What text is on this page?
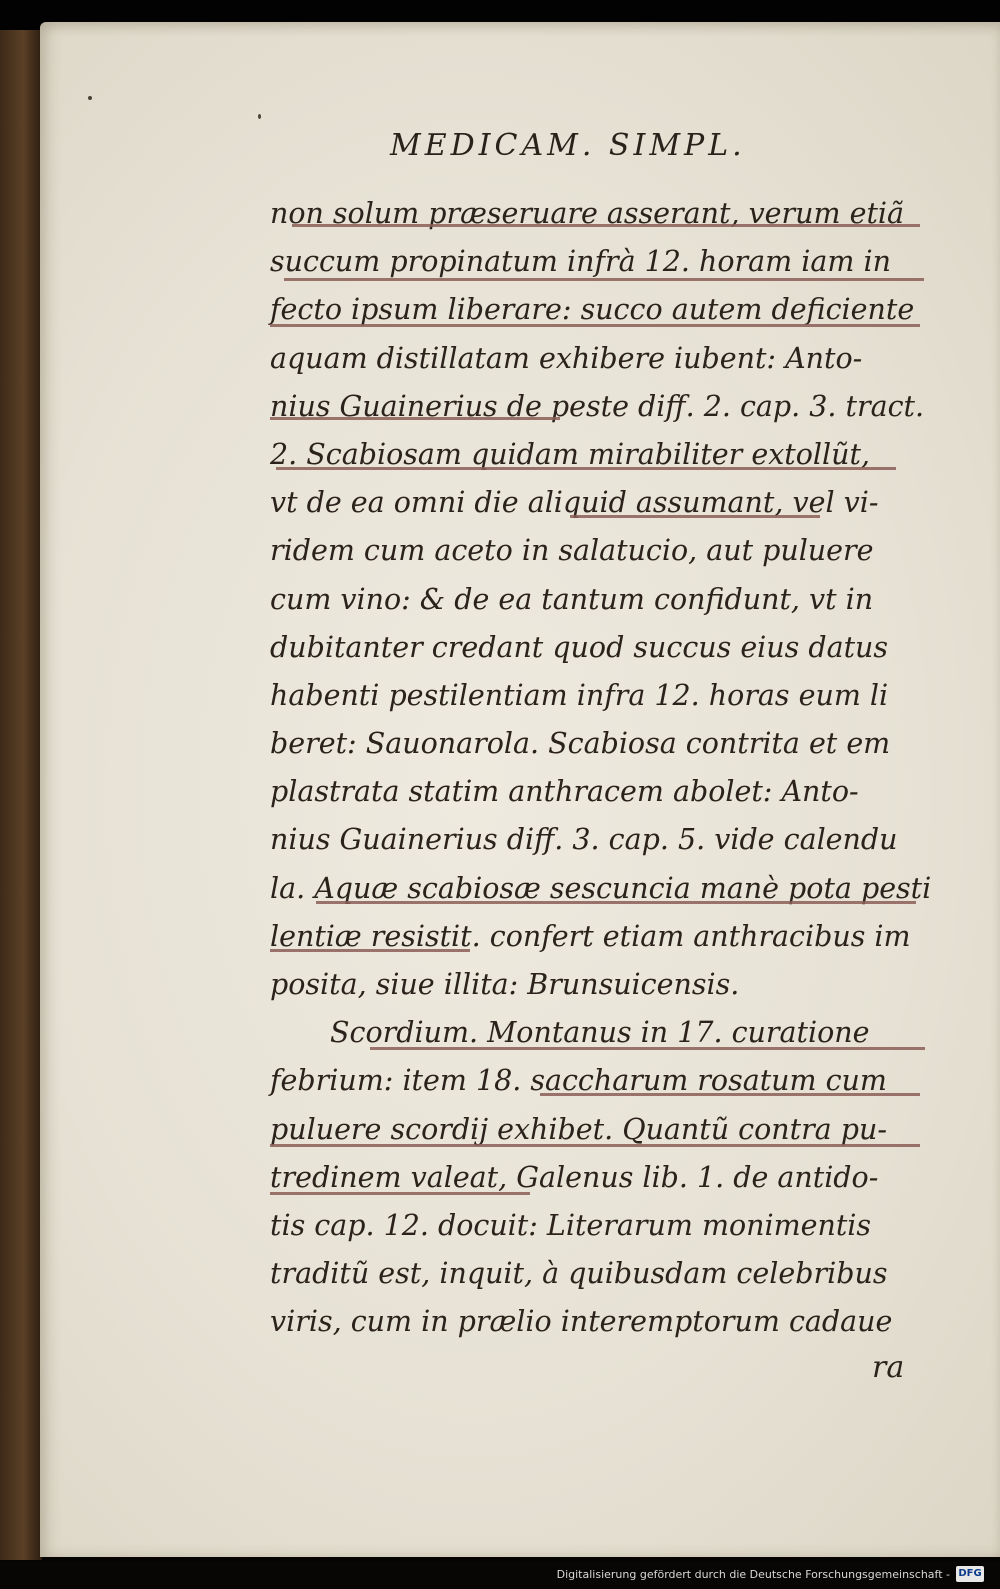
MEDICAM. SIMPL.
non solum præseruare asserant, verum etiã
succum propinatum infrà 12. horam iam in
fecto ipsum liberare: succo autem deficiente
aquam distillatam exhibere iubent: Anto-
nius Guainerius de peste diff. 2. cap. 3. tract.
2. Scabiosam quidam mirabiliter extollũt,
vt de ea omni die aliquid assumant, vel vi-
ridem cum aceto in salatucio, aut puluere
cum vino: & de ea tantum confidunt, vt in
dubitanter credant quod succus eius datus
habenti pestilentiam infra 12. horas eum li
beret: Sauonarola. Scabiosa contrita et em
plastrata statim anthracem abolet: Anto-
nius Guainerius diff. 3. cap. 5. vide calendu
la. Aquæ scabiosæ sescuncia manè pota pesti
lentiæ resistit. confert etiam anthracibus im
posita, siue illita: Brunsuicensis.
Scordium. Montanus in 17. curatione
febrium: item 18. saccharum rosatum cum
puluere scordij exhibet. Quantũ contra pu-
tredinem valeat, Galenus lib. 1. de antido-
tis cap. 12. docuit: Literarum monimentis
traditũ est, inquit, à quibusdam celebribus
viris, cum in prælio interemptorum cadaue
ra
Digitalisierung gefördert durch die Deutsche Forschungsgemeinschaft - DFG
